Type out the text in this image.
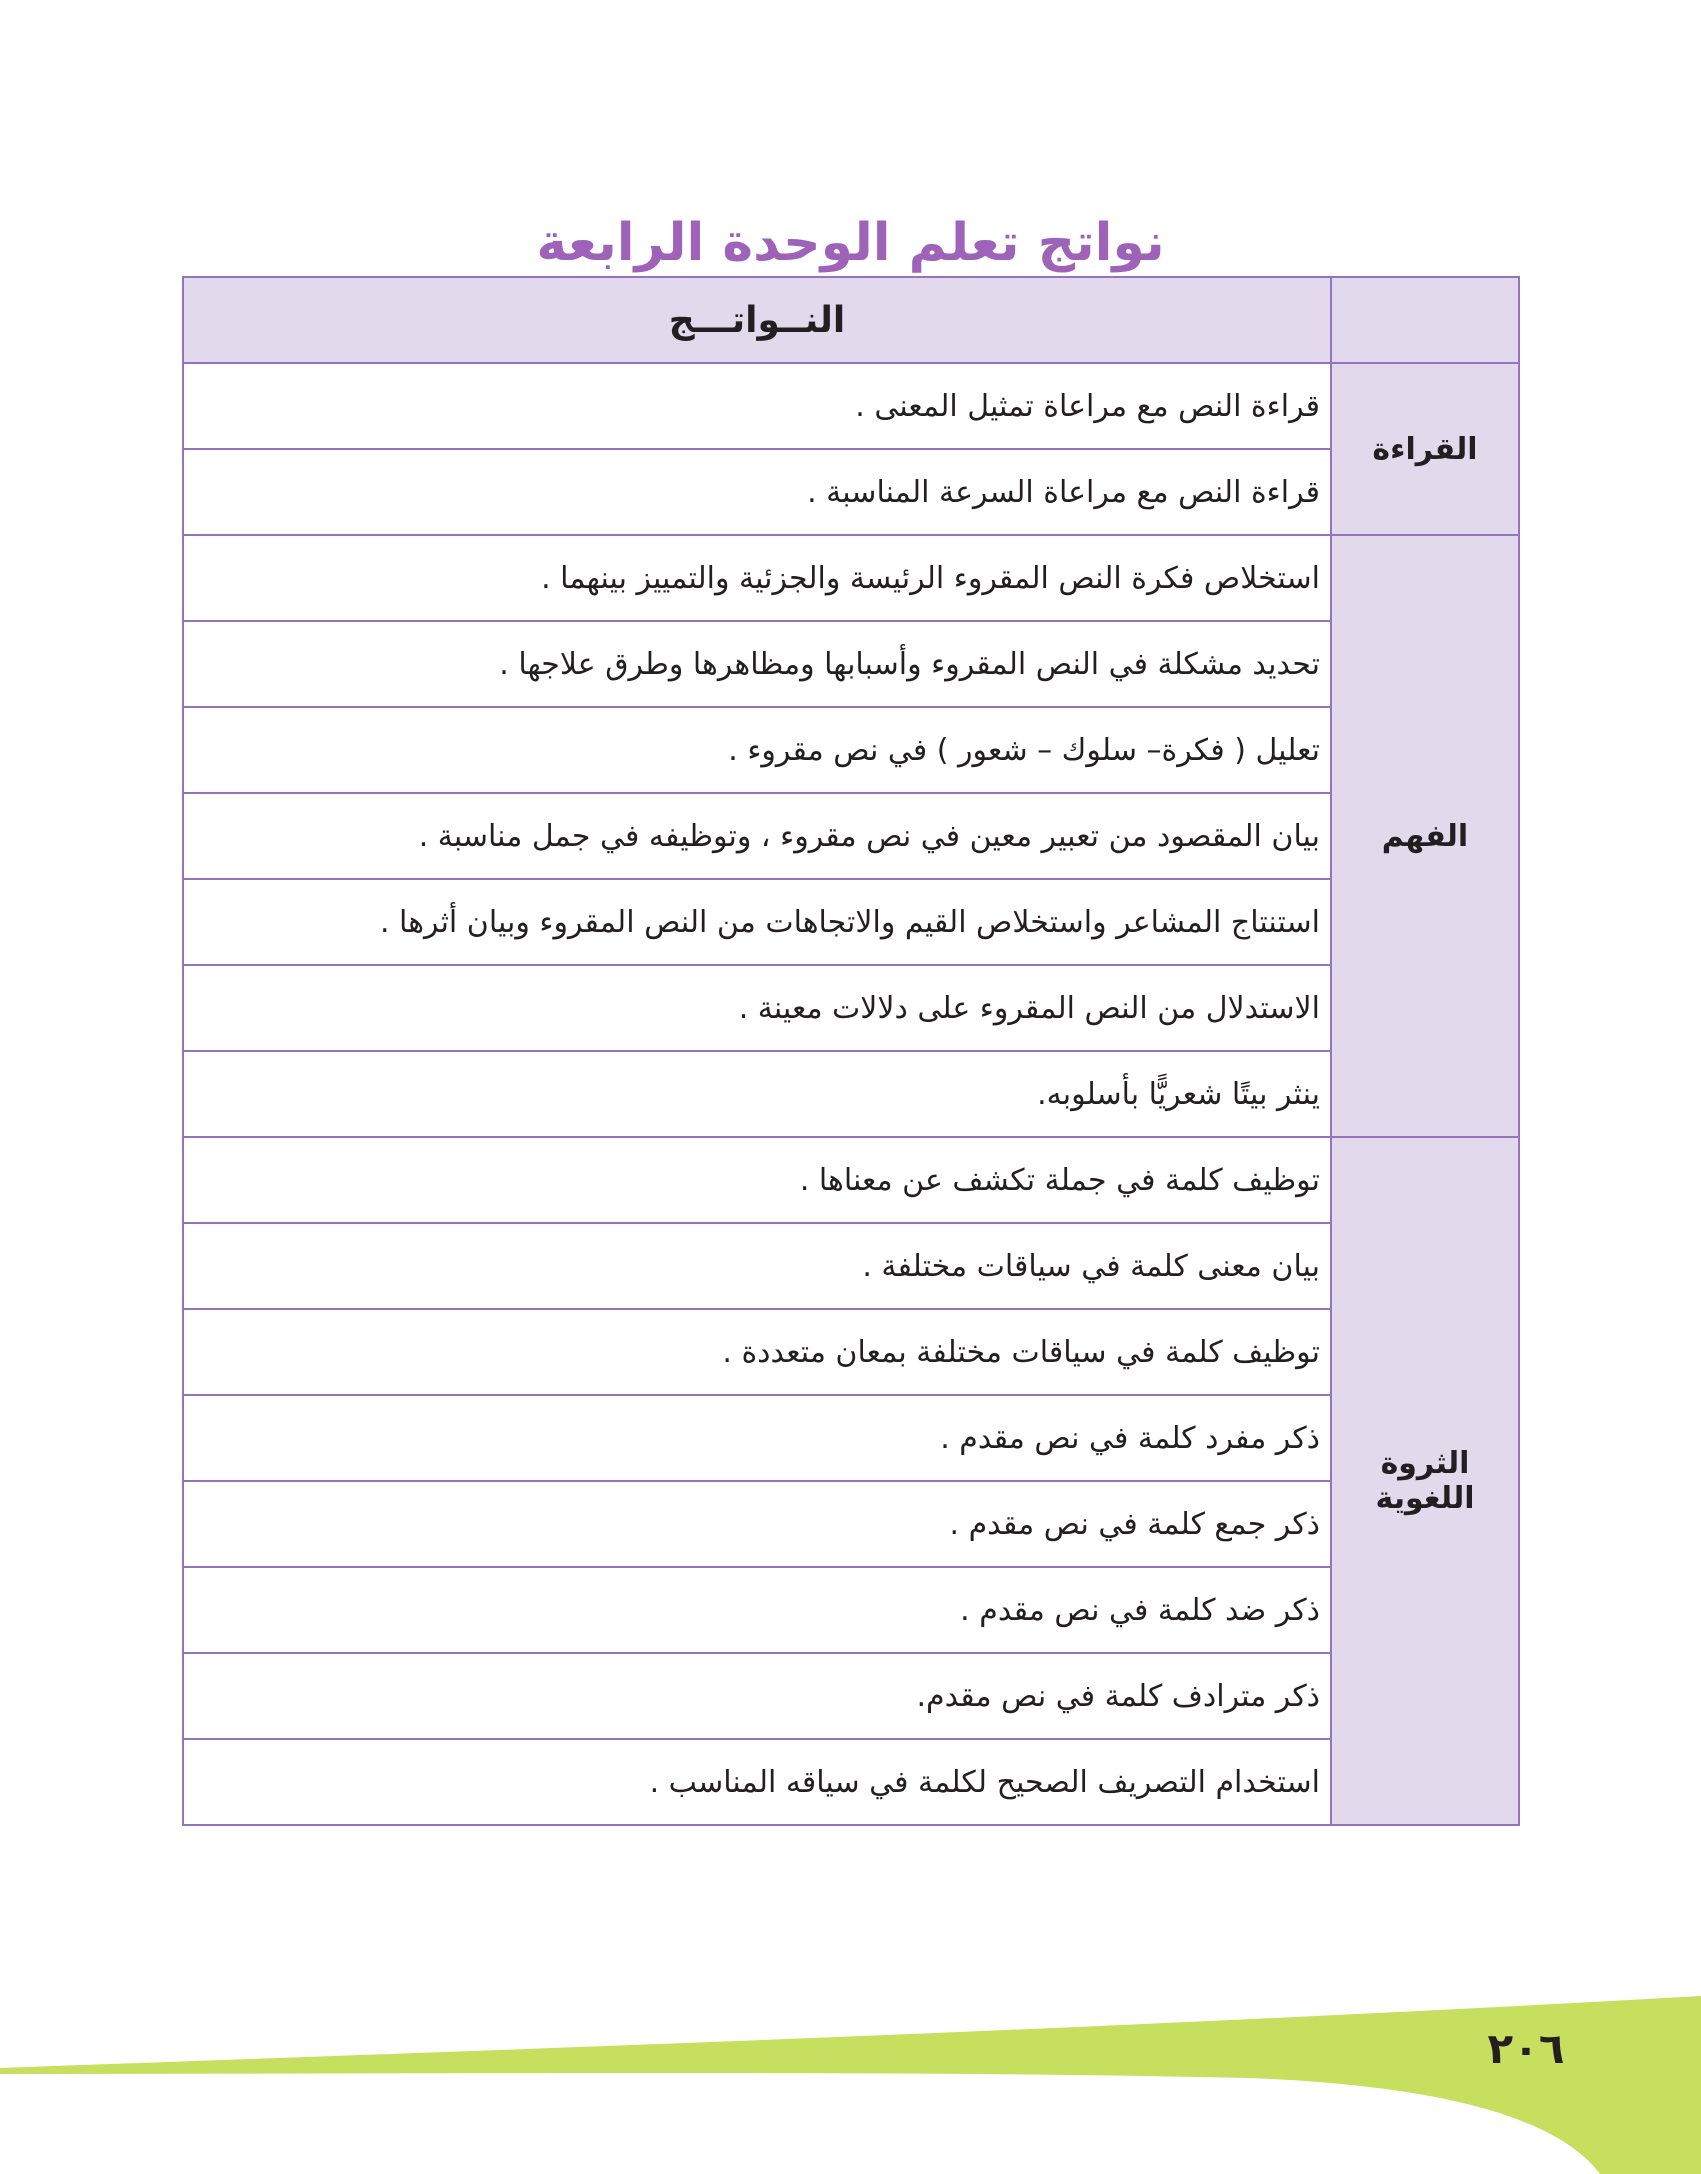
نواتج تعلم الوحدة الرابعة
	النــواتـــج
القراءة	قراءة النص مع مراعاة تمثيل المعنى .
	قراءة النص مع مراعاة السرعة المناسبة .
الفهم	استخلاص فكرة النص المقروء الرئيسة والجزئية والتمييز بينهما .
	تحديد مشكلة في النص المقروء وأسبابها ومظاهرها وطرق علاجها .
	تعليل ( فكرة– سلوك – شعور ) في نص مقروء .
	بيان المقصود من تعبير معين في نص مقروء ، وتوظيفه في جمل مناسبة .
	استنتاج المشاعر واستخلاص القيم والاتجاهات من النص المقروء وبيان أثرها .
	الاستدلال من النص المقروء على دلالات معينة .
	ينثر بيتًا شعريًّا بأسلوبه.
الثروة اللغوية	توظيف كلمة في جملة تكشف عن معناها .
	بيان معنى كلمة في سياقات مختلفة .
	توظيف كلمة في سياقات مختلفة بمعان متعددة .
	ذكر مفرد كلمة في نص مقدم .
	ذكر جمع كلمة في نص مقدم .
	ذكر ضد كلمة في نص مقدم .
	ذكر مترادف كلمة في نص مقدم.
	استخدام التصريف الصحيح لكلمة في سياقه المناسب .
٢٠٦
